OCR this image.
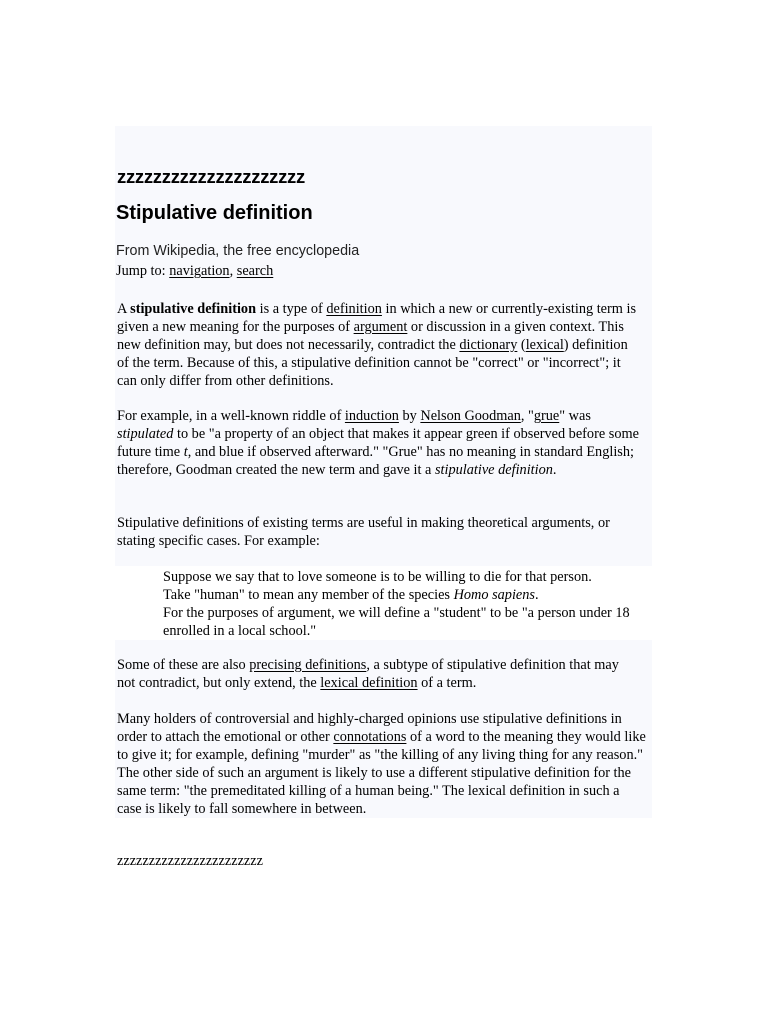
zzzzzzzzzzzzzzzzzzzzz
Stipulative definition
From Wikipedia, the free encyclopedia
Jump to: navigation, search

A stipulative definition is a type of definition in which a new or currently-existing term is given a new meaning for the purposes of argument or discussion in a given context. This new definition may, but does not necessarily, contradict the dictionary (lexical) definition of the term. Because of this, a stipulative definition cannot be "correct" or "incorrect"; it can only differ from other definitions.

For example, in a well-known riddle of induction by Nelson Goodman, "grue" was stipulated to be "a property of an object that makes it appear green if observed before some future time t, and blue if observed afterward." "Grue" has no meaning in standard English; therefore, Goodman created the new term and gave it a stipulative definition.

Stipulative definitions of existing terms are useful in making theoretical arguments, or stating specific cases. For example:

Suppose we say that to love someone is to be willing to die for that person.

Take "human" to mean any member of the species Homo sapiens.

For the purposes of argument, we will define a "student" to be "a person under 18 enrolled in a local school."

Some of these are also precising definitions, a subtype of stipulative definition that may not contradict, but only extend, the lexical definition of a term.

Many holders of controversial and highly-charged opinions use stipulative definitions in order to attach the emotional or other connotations of a word to the meaning they would like to give it; for example, defining "murder" as "the killing of any living thing for any reason." The other side of such an argument is likely to use a different stipulative definition for the same term: "the premeditated killing of a human being." The lexical definition in such a case is likely to fall somewhere in between.

zzzzzzzzzzzzzzzzzzzzzzz
